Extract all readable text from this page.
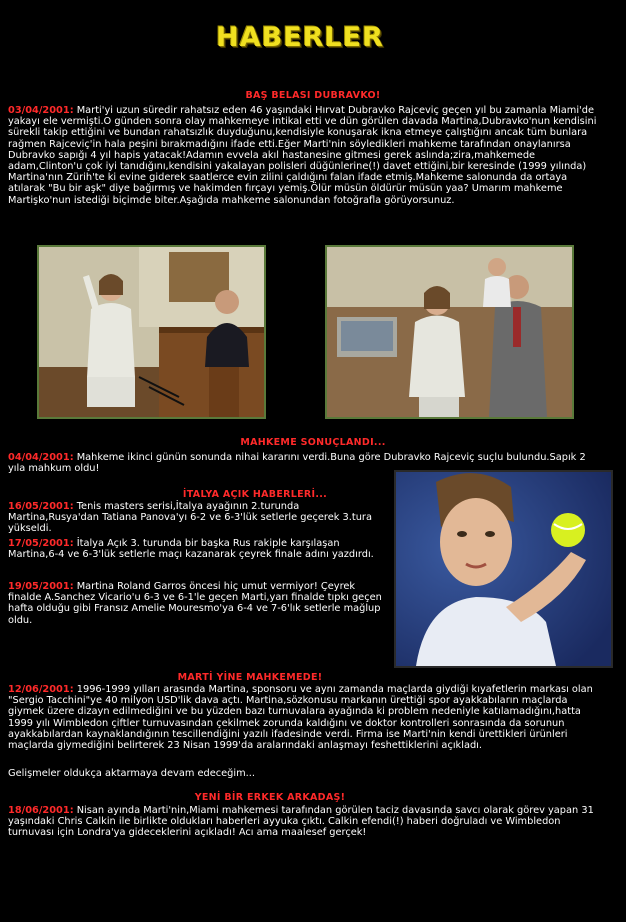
HABERLER
BAŞ BELASI DUBRAVKO!

03/04/2001: Marti'yi uzun süredir rahatsız eden 46 yaşındaki Hırvat Dubravko Rajceviç geçen yıl bu zamanla Miami'de yakayı ele vermişti.O günden sonra olay mahkemeye intikal etti ve dün görülen davada Martina,Dubravko'nun kendisini sürekli takip ettiğini ve bundan rahatsızlık duyduğunu,kendisiyle konuşarak ikna etmeye çalıştığını ancak tüm bunlara rağmen Rajceviç'in hala peşini bırakmadığını ifade etti.Eğer Marti'nin söyledikleri mahkeme tarafından onaylanırsa Dubravko sapığı 4 yıl hapis yatacak!Adamın evvela akıl hastanesine gitmesi gerek aslında;zira,mahkemede adam,Clinton'u çok iyi tanıdığını,kendisini yakalayan polisleri düğünlerine(!) davet ettiğini,bir keresinde (1999 yılında) Martina'nın Zürih'te ki evine giderek saatlerce evin zilini çaldığını falan ifade etmiş.Mahkeme salonunda da ortaya atılarak "Bu bir aşk" diye bağırmış ve hakimden fırçayı yemiş.Ölür müsün öldürür müsün yaa? Umarım mahkeme Martişko'nun istediği biçimde biter.Aşağıda mahkeme salonundan fotoğrafla görüyorsunuz.

MAHKEME SONUÇLANDI...

04/04/2001: Mahkeme ikinci günün sonunda nihai kararını verdi.Buna göre Dubravko Rajceviç suçlu bulundu.Sapık 2 yıla mahkum oldu!

İTALYA AÇIK HABERLERİ...

16/05/2001: Tenis masters serisi,İtalya ayağının 2.turunda Martina,Rusya'dan Tatiana Panova'yı 6-2 ve 6-3'lük setlerle geçerek 3.tura yükseldi.

17/05/2001: İtalya Açık 3. turunda bir başka Rus rakiple karşılaşan Martina,6-4 ve 6-3'lük setlerle maçı kazanarak çeyrek finale adını yazdırdı.

19/05/2001: Martina Roland Garros öncesi hiç umut vermiyor! Çeyrek finalde A.Sanchez Vicario'u 6-3 ve 6-1'le geçen Marti,yarı finalde tıpkı geçen hafta olduğu gibi Fransız Amelie Mouresmo'ya 6-4 ve 7-6'lık setlerle mağlup oldu.

MARTİ YİNE MAHKEMEDE!

12/06/2001: 1996-1999 yılları arasında Martina, sponsoru ve aynı zamanda maçlarda giydiği kıyafetlerin markası olan "Sergio Tacchini"ye 40 milyon USD'lik dava açtı. Martina,sözkonusu markanın ürettiği spor ayakkabıların maçlarda giymek üzere dizayn edilmediğini ve bu yüzden bazı turnuvalara ayağında ki problem nedeniyle katılamadığını,hatta 1999 yılı Wimbledon çiftler turnuvasından çekilmek zorunda kaldığını ve doktor kontrolleri sonrasında da sorunun ayakkabılardan kaynaklandığının tescillendiğini yazılı ifadesinde verdi. Firma ise Marti'nin kendi ürettikleri ürünleri maçlarda giymediğini belirterek 23 Nisan 1999'da aralarındaki anlaşmayı feshettiklerini açıkladı.

Gelişmeler oldukça aktarmaya devam edeceğim...

YENİ BİR ERKEK ARKADAŞ!

18/06/2001: Nisan ayında Marti'nin,Miami mahkemesi tarafından görülen taciz davasında savcı olarak görev yapan 31 yaşındaki Chris Calkin ile birlikte oldukları haberleri ayyuka çıktı. Calkin efendi(!) haberi doğruladı ve Wimbledon turnuvası için Londra'ya gideceklerini açıkladı! Acı ama maalesef gerçek!
